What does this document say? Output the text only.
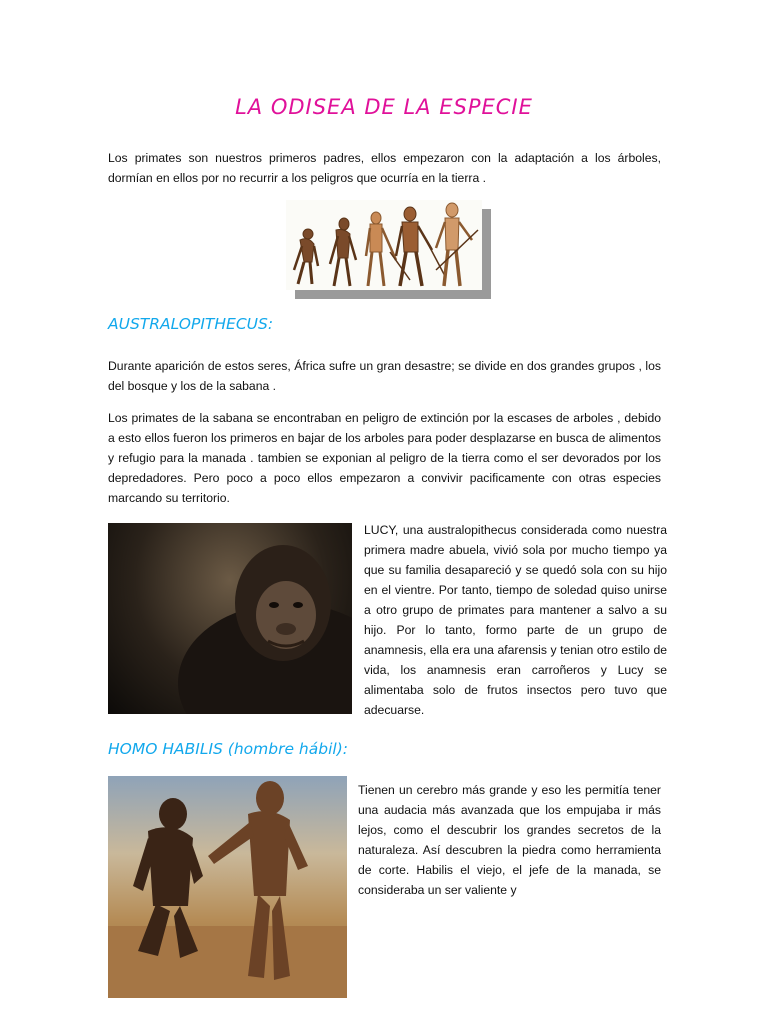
LA ODISEA DE LA ESPECIE

Los primates son nuestros primeros padres, ellos empezaron con la adaptación a los árboles, dormían en ellos por no recurrir a los peligros que ocurría en la tierra .

AUSTRALOPITHECUS:

Durante aparición de estos seres, África sufre un gran desastre; se divide en dos grandes grupos , los del bosque y los de la sabana .

Los primates de la sabana se encontraban en peligro de extinción por la escases de arboles , debido a esto ellos fueron los primeros en bajar de los arboles para poder desplazarse en busca de alimentos y refugio para la manada . tambien se exponian al peligro de la tierra como el ser devorados por los depredadores. Pero poco a poco ellos empezaron a convivir pacificamente con otras especies marcando su territorio.

LUCY, una australopithecus considerada como nuestra primera madre abuela, vivió sola por mucho tiempo ya que su familia desapareció y se quedó sola con su hijo en el vientre. Por tanto, tiempo de soledad quiso unirse a otro grupo de primates para mantener a salvo a su hijo. Por lo tanto, formo parte de un grupo de anamnesis, ella era una afarensis y tenian otro estilo de vida, los anamnesis eran carroñeros y Lucy se alimentaba solo de frutos insectos pero tuvo que adecuarse.

HOMO HABILIS (hombre hábil):

Tienen un cerebro más grande y eso les permitía tener una audacia más avanzada que los empujaba ir más lejos, como el descubrir los grandes secretos de la naturaleza. Así descubren la piedra como herramienta de corte. Habilis el viejo, el jefe de la manada, se consideraba un ser valiente y
